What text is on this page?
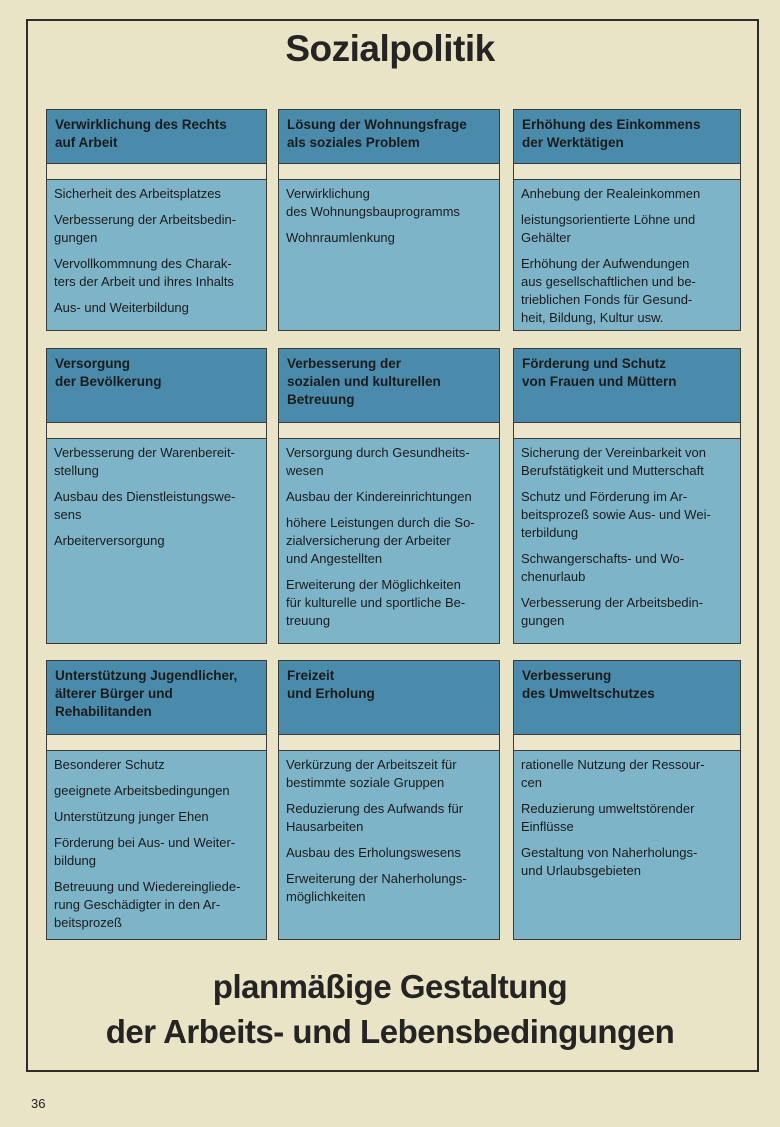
Sozialpolitik
Verwirklichung des Rechts
auf Arbeit
Sicherheit des Arbeitsplatzes
Verbesserung der Arbeitsbedin-
gungen
Vervollkommnung des Charak-
ters der Arbeit und ihres Inhalts
Aus- und Weiterbildung
Lösung der Wohnungsfrage
als soziales Problem
Verwirklichung
des Wohnungsbauprogramms
Wohnraumlenkung
Erhöhung des Einkommens
der Werktätigen
Anhebung der Realeinkommen
leistungsorientierte Löhne und
Gehälter
Erhöhung der Aufwendungen
aus gesellschaftlichen und be-
trieblichen Fonds für Gesund-
heit, Bildung, Kultur usw.
Versorgung
der Bevölkerung
Verbesserung der Warenbereit-
stellung
Ausbau des Dienstleistungswe-
sens
Arbeiterversorgung
Verbesserung der
sozialen und kulturellen
Betreuung
Versorgung durch Gesundheits-
wesen
Ausbau der Kindereinrichtungen
höhere Leistungen durch die So-
zialversicherung der Arbeiter
und Angestellten
Erweiterung der Möglichkeiten
für kulturelle und sportliche Be-
treuung
Förderung und Schutz
von Frauen und Müttern
Sicherung der Vereinbarkeit von
Berufstätigkeit und Mutterschaft
Schutz und Förderung im Ar-
beitsprozeß sowie Aus- und Wei-
terbildung
Schwangerschafts- und Wo-
chenurlaub
Verbesserung der Arbeitsbedin-
gungen
Unterstützung Jugendlicher,
älterer Bürger und
Rehabilitanden
Besonderer Schutz
geeignete Arbeitsbedingungen
Unterstützung junger Ehen
Förderung bei Aus- und Weiter-
bildung
Betreuung und Wiedereingliede-
rung Geschädigter in den Ar-
beitsprozeß
Freizeit
und Erholung
Verkürzung der Arbeitszeit für
bestimmte soziale Gruppen
Reduzierung des Aufwands für
Hausarbeiten
Ausbau des Erholungswesens
Erweiterung der Naherholungs-
möglichkeiten
Verbesserung
des Umweltschutzes
rationelle Nutzung der Ressour-
cen
Reduzierung umweltstörender
Einflüsse
Gestaltung von Naherholungs-
und Urlaubsgebieten
planmäßige Gestaltung
der Arbeits- und Lebensbedingungen
36
